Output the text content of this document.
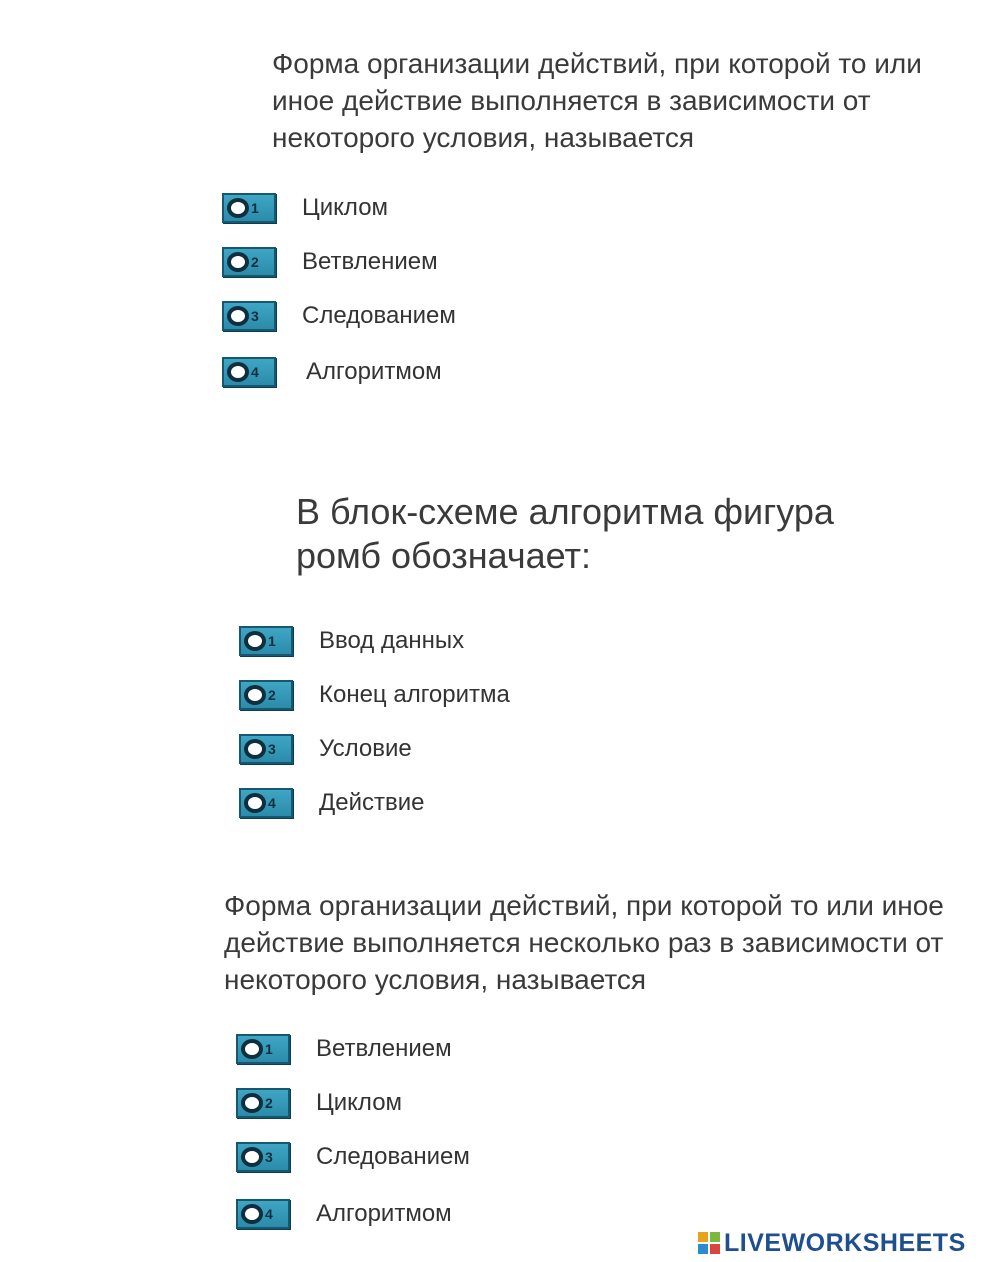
Форма организации действий, при которой то или иное действие выполняется в зависимости от некоторого условия, называется
1 Циклом
2 Ветвлением
3 Следованием
4 Алгоритмом
В блок-схеме алгоритма фигура ромб обозначает:
1 Ввод данных
2 Конец алгоритма
3 Условие
4 Действие
Форма организации действий, при которой то или иное действие выполняется несколько раз в зависимости от некоторого условия, называется
1 Ветвлением
2 Циклом
3 Следованием
4 Алгоритмом
LIVEWORKSHEETS
